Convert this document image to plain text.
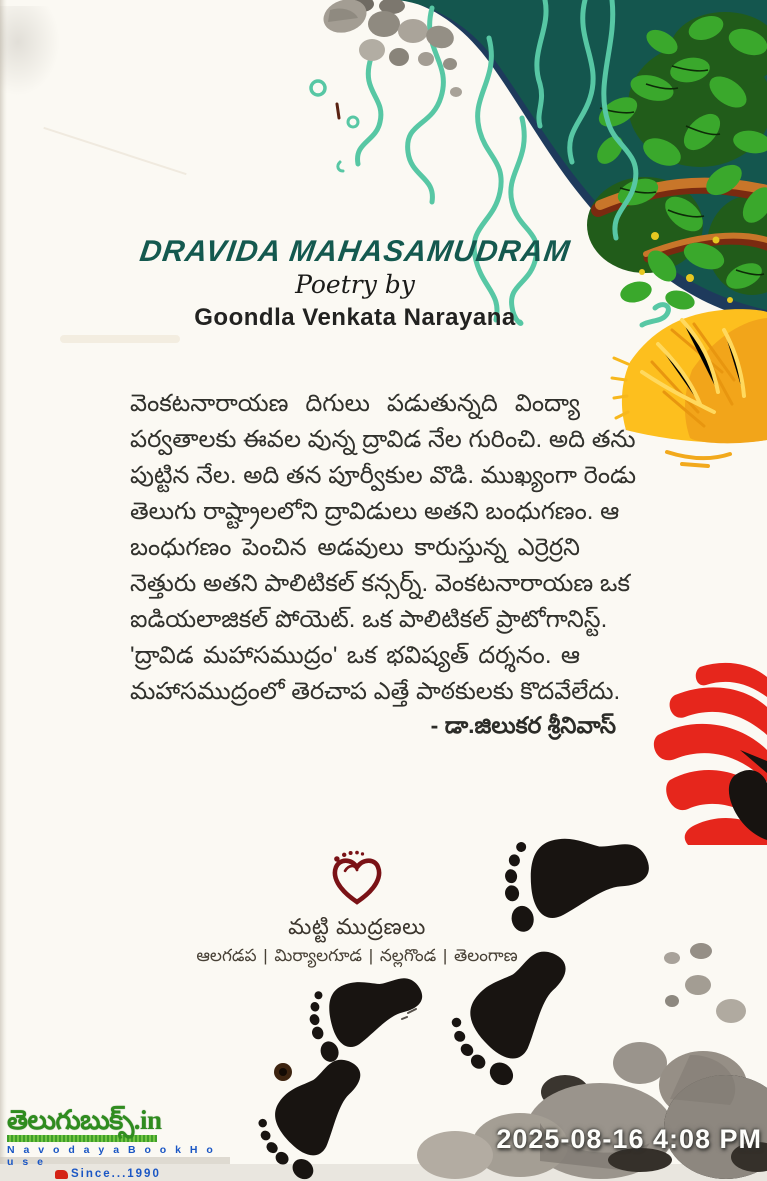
DRAVIDA MAHASAMUDRAM
Poetry by
Goondla Venkata Narayana
వెంకటనారాయణ దిగులు పడుతున్నది వింద్యా
పర్వతాలకు ఈవల వున్న ద్రావిడ నేల గురించి. అది తను
పుట్టిన నేల. అది తన పూర్వీకుల వొడి. ముఖ్యంగా రెండు
తెలుగు రాష్ట్రాలలోని ద్రావిడులు అతని బంధుగణం. ఆ
బంధుగణం పెంచిన అడవులు కారుస్తున్న ఎర్రెర్రని
నెత్తురు అతని పాలిటికల్ కన్సర్న్. వెంకటనారాయణ ఒక
ఐడియలాజికల్ పోయెట్. ఒక పాలిటికల్ ప్రాటోగానిస్ట్.
'ద్రావిడ మహాసముద్రం' ఒక భవిష్యత్ దర్శనం. ఆ
మహాసముద్రంలో తెరచాప ఎత్తే పాఠకులకు కొదవేలేదు.
- డా.జిలుకర శ్రీనివాస్
మట్టి ముద్రణలు
ఆలగడప | మిర్యాలగూడ | నల్లగొండ | తెలంగాణ
తెలుగుబుక్స్.in
N a v o d a y a B o o k H o u s e
Since...1990
2025-08-16 4:08 PM
